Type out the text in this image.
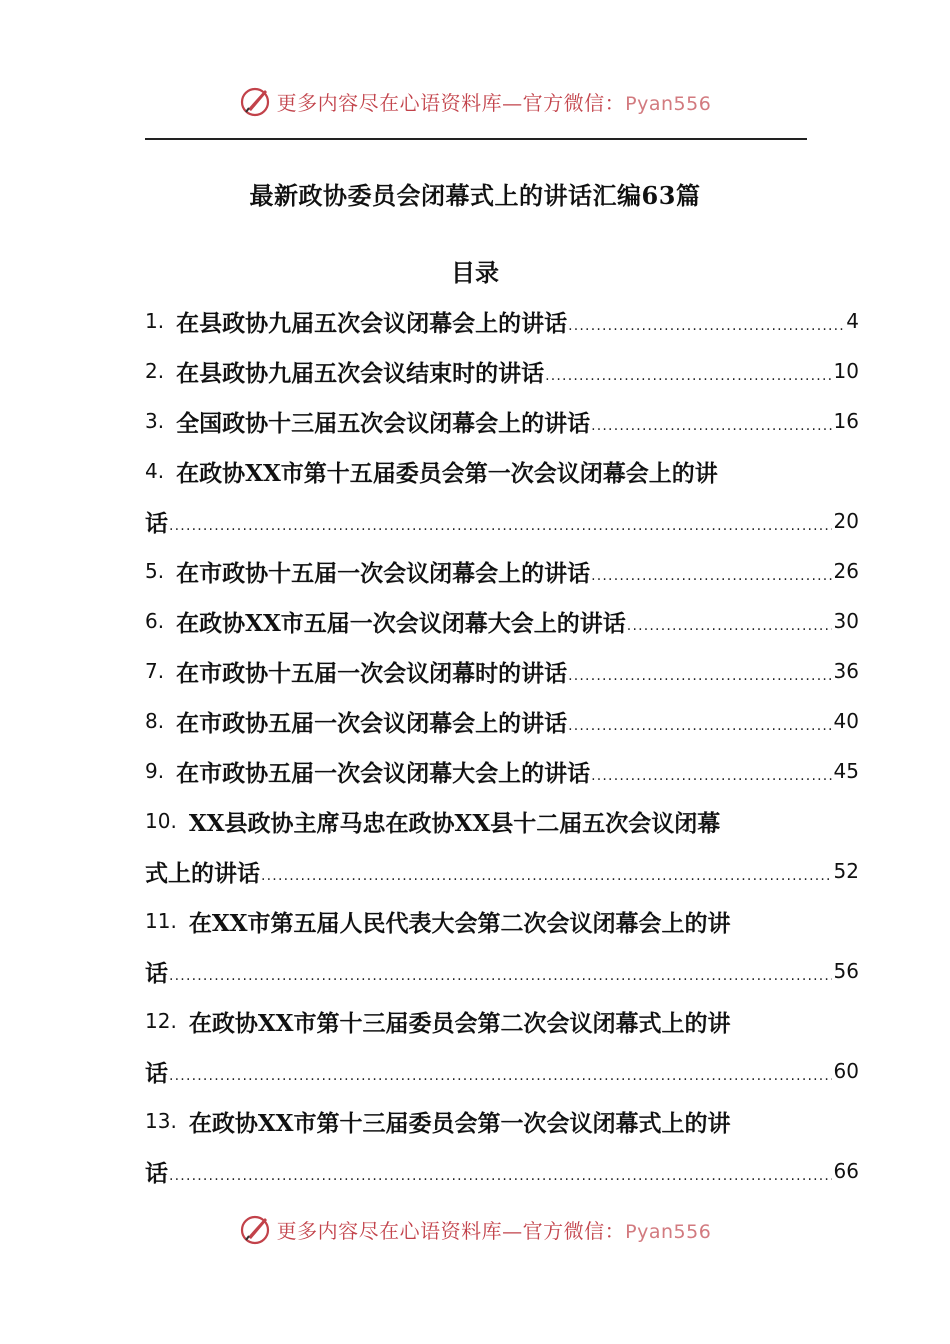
更多内容尽在心语资料库—官方微信：Pyan556
最新政协委员会闭幕式上的讲话汇编63篇
目录
1. 在县政协九届五次会议闭幕会上的讲话 .....	4
2. 在县政协九届五次会议结束时的讲话 .....	10
3. 全国政协十三届五次会议闭幕会上的讲话 .....	16
4. 在政协XX市第十五届委员会第一次会议闭幕会上的讲
话 .....	20
5. 在市政协十五届一次会议闭幕会上的讲话 .....	26
6. 在政协XX市五届一次会议闭幕大会上的讲话 .....	30
7. 在市政协十五届一次会议闭幕时的讲话 .....	36
8. 在市政协五届一次会议闭幕会上的讲话 .....	40
9. 在市政协五届一次会议闭幕大会上的讲话 .....	45
10. XX县政协主席马忠在政协XX县十二届五次会议闭幕
式上的讲话 .....	52
11. 在XX市第五届人民代表大会第二次会议闭幕会上的讲
话 .....	56
12. 在政协XX市第十三届委员会第二次会议闭幕式上的讲
话 .....	60
13. 在政协XX市第十三届委员会第一次会议闭幕式上的讲
话 .....	66
更多内容尽在心语资料库—官方微信：Pyan556
